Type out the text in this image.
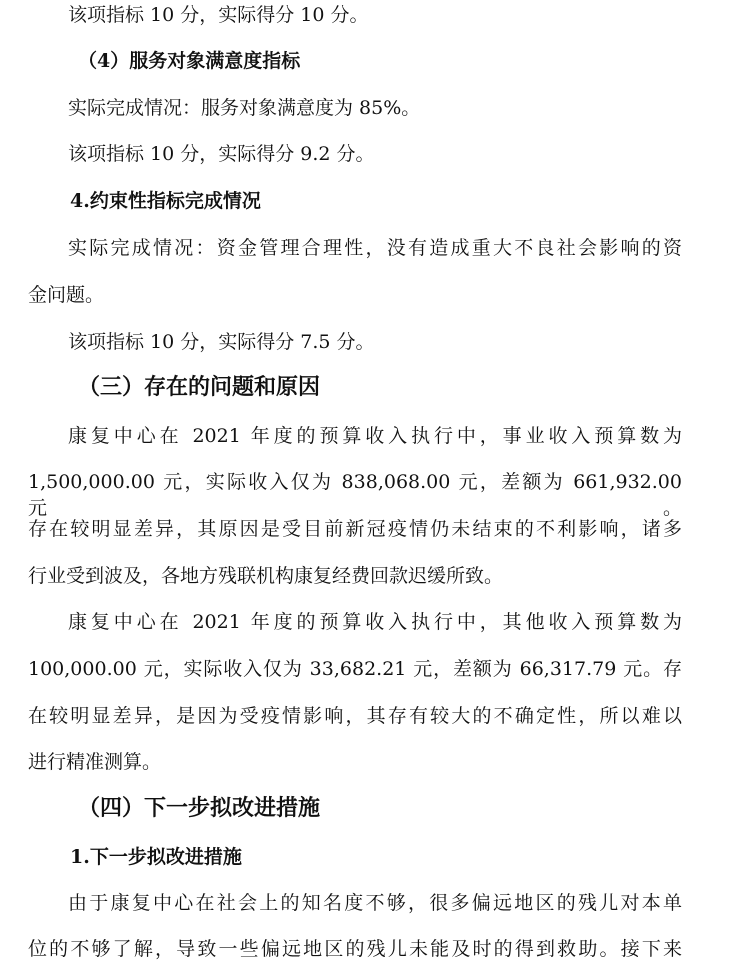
该项指标 10 分，实际得分 10 分。
（4）服务对象满意度指标
实际完成情况：服务对象满意度为 85%。
该项指标 10 分，实际得分 9.2 分。
4.约束性指标完成情况
实际完成情况：资金管理合理性，没有造成重大不良社会影响的资
金问题。
该项指标 10 分，实际得分 7.5 分。
（三）存在的问题和原因
康复中心在 2021 年度的预算收入执行中，事业收入预算数为
1,500,000.00 元，实际收入仅为 838,068.00 元，差额为 661,932.00 元。
存在较明显差异，其原因是受目前新冠疫情仍未结束的不利影响，诸多
行业受到波及，各地方残联机构康复经费回款迟缓所致。
康复中心在 2021 年度的预算收入执行中，其他收入预算数为
100,000.00 元，实际收入仅为 33,682.21 元，差额为 66,317.79 元。存
在较明显差异，是因为受疫情影响，其存有较大的不确定性，所以难以
进行精准测算。
（四）下一步拟改进措施
1.下一步拟改进措施
由于康复中心在社会上的知名度不够，很多偏远地区的残儿对本单
位的不够了解，导致一些偏远地区的残儿未能及时的得到救助。接下来
